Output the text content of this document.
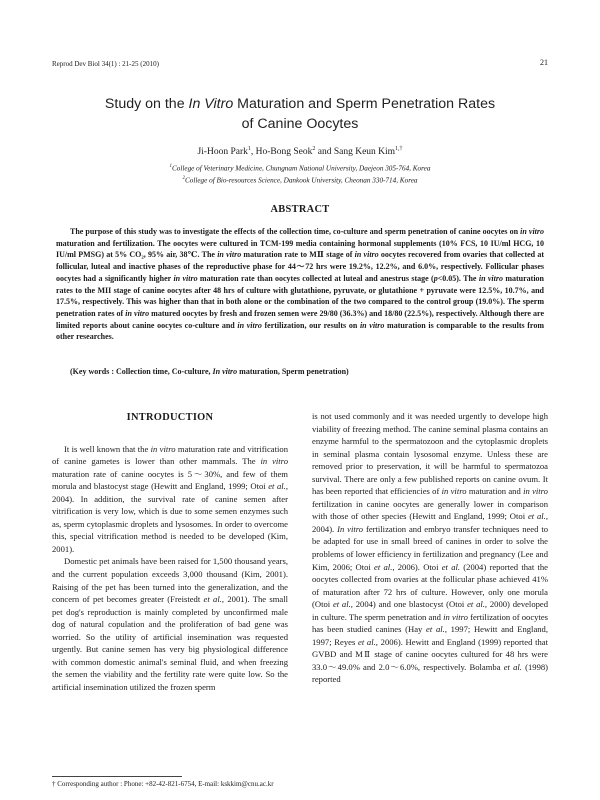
Reprod Dev Biol 34(1) : 21-25 (2010)	21
Study on the In Vitro Maturation and Sperm Penetration Rates
of Canine Oocytes
Ji-Hoon Park$^1$, Ho-Bong Seok$^2$ and Sang Keun Kim$^{1,\dagger}$
$^1$College of Veterinary Medicine, Chungnam National University, Daejeon 305-764, Korea
$^2$College of Bio-resources Science, Dankook University, Cheonan 330-714, Korea
ABSTRACT
The purpose of this study was to investigate the effects of the collection time, co-culture and sperm penetration of canine oocytes on in vitro maturation and fertilization. The oocytes were cultured in TCM-199 media containing hormonal supplements (10% FCS, 10 IU/ml HCG, 10 IU/ml PMSG) at 5% CO₂, 95% air, 38℃. The in vitro maturation rate to MⅡ stage of in vitro oocytes recovered from ovaries that collected at follicular, luteal and inactive phases of the reproductive phase for 44～72 hrs were 19.2%, 12.2%, and 6.0%, respectively. Follicular phases oocytes had a significantly higher in vitro maturation rate than oocytes collected at luteal and anestrus stage (p<0.05). The in vitro maturation rates to the MII stage of canine oocytes after 48 hrs of culture with glutathione, pyruvate, or glutathione + pyruvate were 12.5%, 10.7%, and 17.5%, respectively. This was higher than that in both alone or the combination of the two compared to the control group (19.0%). The sperm penetration rates of in vitro matured oocytes by fresh and frozen semen were 29/80 (36.3%) and 18/80 (22.5%), respectively. Although there are limited reports about canine oocytes co-culture and in vitro fertilization, our results on in vitro maturation is comparable to the results from other researches.
(Key words : Collection time, Co-culture, In vitro maturation, Sperm penetration)
INTRODUCTION

It is well known that the in vitro maturation rate and vitrification of canine gametes is lower than other mammals. The in vitro maturation rate of canine oocytes is 5～30%, and few of them morula and blastocyst stage (Hewitt and England, 1999; Otoi et al., 2004). In addition, the survival rate of canine semen after vitrification is very low, which is due to some semen enzymes such as, sperm cytoplasmic droplets and lysosomes. In order to overcome this, special vitrification method is needed to be developed (Kim, 2001).

Domestic pet animals have been raised for 1,500 thousand years, and the current population exceeds 3,000 thousand (Kim, 2001). Raising of the pet has been turned into the generalization, and the concern of pet becomes greater (Freistedt et al., 2001). The small pet dog's reproduction is mainly completed by unconfirmed male dog of natural copulation and the proliferation of bad gene was worried. So the utility of artificial insemination was requested urgently. But canine semen has very big physiological difference with common domestic animal's seminal fluid, and when freezing the semen the viability and the fertility rate were quite low. So the artificial insemination utilized the frozen sperm

is not used commonly and it was needed urgently to develope high viability of freezing method. The canine seminal plasma contains an enzyme harmful to the spermatozoon and the cytoplasmic droplets in seminal plasma contain lysosomal enzyme. Unless these are removed prior to preservation, it will be harmful to spermatozoa survival. There are only a few published reports on canine ovum. It has been reported that efficiencies of in vitro maturation and in vitro fertilization in canine oocytes are generally lower in comparison with those of other species (Hewitt and England, 1999; Otoi et al., 2004). In vitro fertilization and embryo transfer techniques need to be adapted for use in small breed of canines in order to solve the problems of lower efficiency in fertilization and pregnancy (Lee and Kim, 2006; Otoi et al., 2006). Otoi et al. (2004) reported that the oocytes collected from ovaries at the follicular phase achieved 41% of maturation after 72 hrs of culture. However, only one morula (Otoi et al., 2004) and one blastocyst (Otoi et al., 2000) developed in culture. The sperm penetration and in vitro fertilization of oocytes has been studied canines (Hay et al., 1997; Hewitt and England, 1997; Reyes et al., 2006). Hewitt and England (1999) reported that GVBD and MⅡ stage of canine oocytes cultured for 48 hrs were 33.0～49.0% and 2.0～6.0%, respectively. Bolamba et al. (1998) reported

† Corresponding author : Phone: +82-42-821-6754, E-mail: kskkim@cnu.ac.kr
